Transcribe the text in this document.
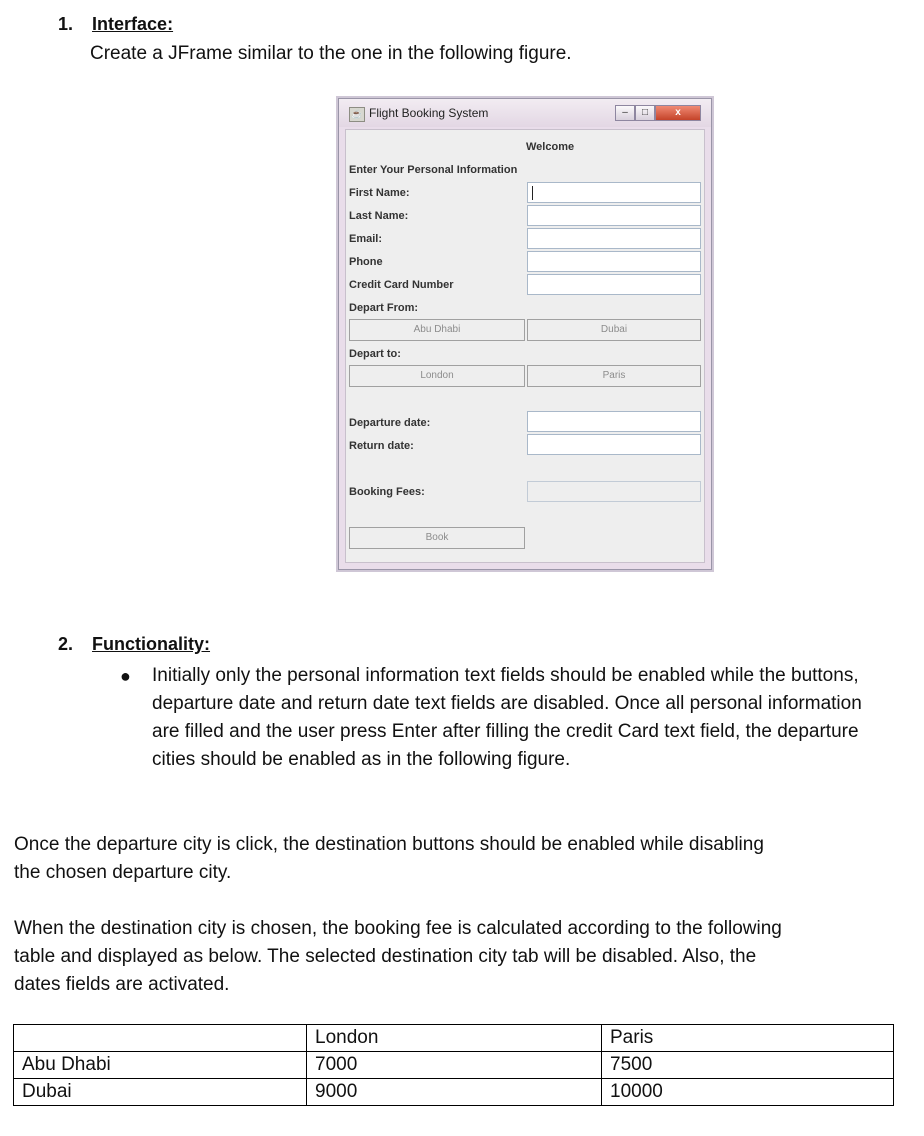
1. Interface:
Create a JFrame similar to the one in the following figure.
☕ Flight Booking System	–	□	x
Welcome
Enter Your Personal Information
First Name:
Last Name:
Email:
Phone
Credit Card Number
Depart From:
Abu Dhabi	Dubai
Depart to:
London	Paris
Departure date:
Return date:
Booking Fees:
Book
2. Functionality:
● Initially only the personal information text fields should be enabled while the buttons, departure date and return date text fields are disabled. Once all personal information are filled and the user press Enter after filling the credit Card text field, the departure cities should be enabled as in the following figure.
Once the departure city is click, the destination buttons should be enabled while disabling the chosen departure city.
When the destination city is chosen, the booking fee is calculated according to the following table and displayed as below. The selected destination city tab will be disabled. Also, the dates fields are activated.
	London	Paris
Abu Dhabi	7000	7500
Dubai	9000	10000
